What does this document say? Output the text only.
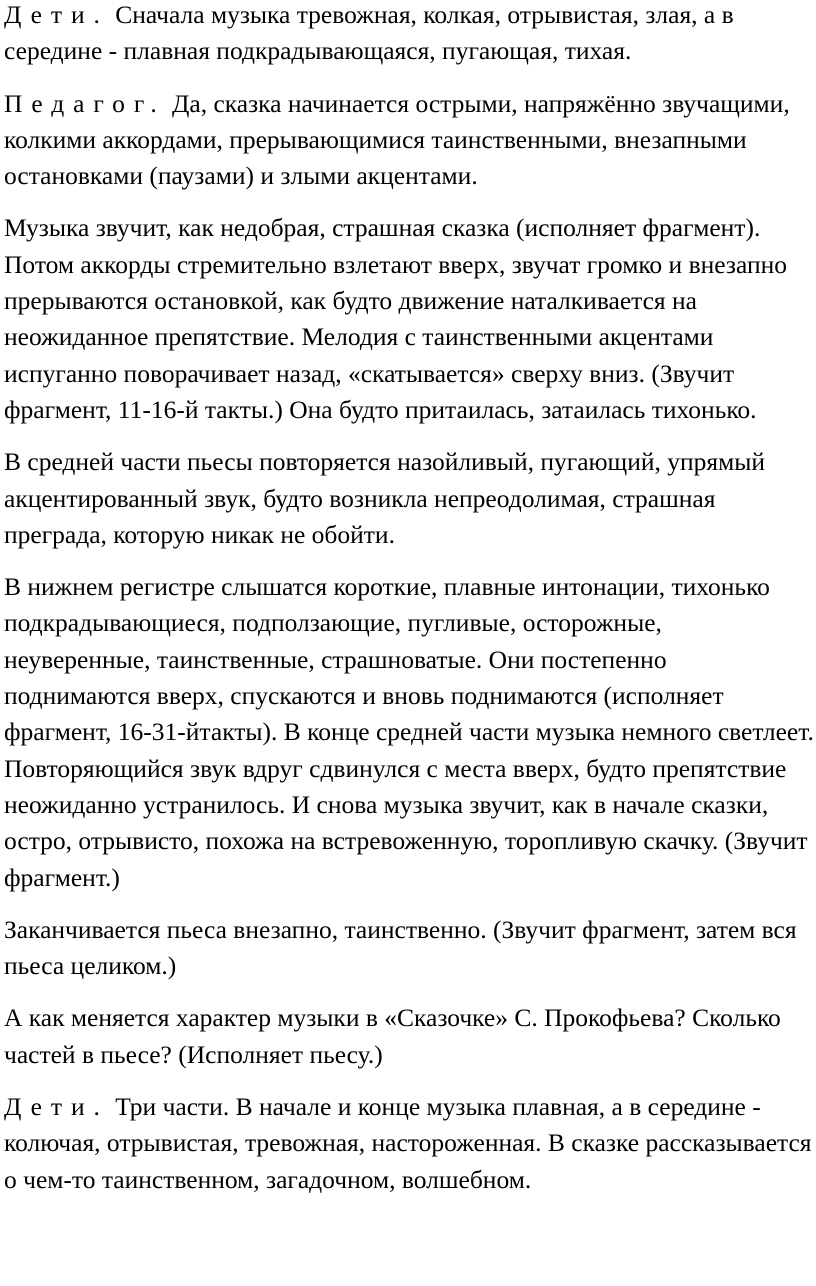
Дети. Сначала музыка тревожная, колкая, отрывистая, злая, а в середине - плавная подкрадывающаяся, пугающая, тихая.

Педагог. Да, сказка начинается острыми, напряжённо звучащими, колкими аккордами, прерывающимися таинственными, внезапными остановками (паузами) и злыми акцентами.

Музыка звучит, как недобрая, страшная сказка (исполняет фрагмент). Потом аккорды стремительно взлетают вверх, звучат громко и внезапно прерываются остановкой, как будто движение наталкивается на неожиданное препятствие. Мелодия с таинственными акцентами испуганно поворачивает назад, «скатывается» сверху вниз. (Звучит фрагмент, 11-16-й такты.) Она будто притаилась, затаилась тихонько.

В средней части пьесы повторяется назойливый, пугающий, упрямый акцентированный звук, будто возникла непреодолимая, страшная преграда, которую никак не обойти.

В нижнем регистре слышатся короткие, плавные интонации, тихонько подкрадывающиеся, подползающие, пугливые, осторожные, неуверенные, таинственные, страшноватые. Они постепенно поднимаются вверх, спускаются и вновь поднимаются (исполняет фрагмент, 16-31-йтакты). В конце средней части музыка немного светлеет. Повторяющийся звук вдруг сдвинулся с места вверх, будто препятствие неожиданно устранилось. И снова музыка звучит, как в начале сказки, остро, отрывисто, похожа на встревоженную, торопливую скачку. (Звучит фрагмент.)

Заканчивается пьеса внезапно, таинственно. (Звучит фрагмент, затем вся пьеса целиком.)

А как меняется характер музыки в «Сказочке» С. Прокофьева? Сколько частей в пьесе? (Исполняет пьесу.)

Дети. Три части. В начале и конце музыка плавная, а в середине - колючая, отрывистая, тревожная, настороженная. В сказке рассказывается о чем-то таинственном, загадочном, волшебном.
